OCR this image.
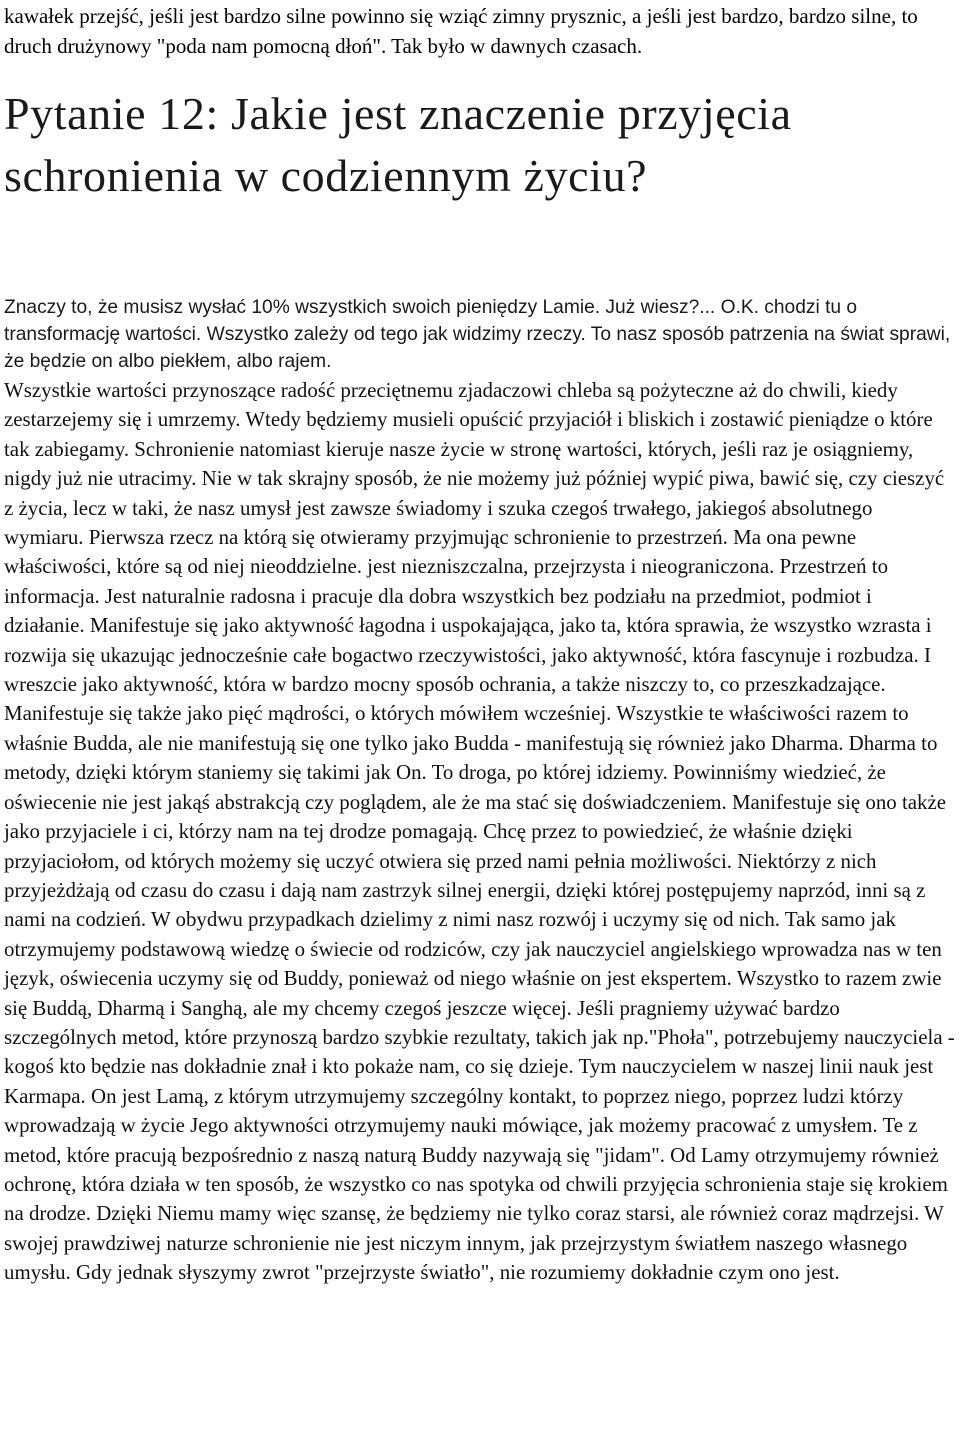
kawałek przejść, jeśli jest bardzo silne powinno się wziąć zimny prysznic, a jeśli jest bardzo, bardzo silne, to druch drużynowy "poda nam pomocną dłoń". Tak było w dawnych czasach.

Pytanie 12: Jakie jest znaczenie przyjęcia schronienia w codziennym życiu?
Znaczy to, że musisz wysłać 10% wszystkich swoich pieniędzy Lamie. Już wiesz?... O.K. chodzi tu o transformację wartości. Wszystko zależy od tego jak widzimy rzeczy. To nasz sposób patrzenia na świat sprawi, że będzie on albo piekłem, albo rajem.

Wszystkie wartości przynoszące radość przeciętnemu zjadaczowi chleba są pożyteczne aż do chwili, kiedy zestarzejemy się i umrzemy. Wtedy będziemy musieli opuścić przyjaciół i bliskich i zostawić pieniądze o które tak zabiegamy. Schronienie natomiast kieruje nasze życie w stronę wartości, których, jeśli raz je osiągniemy, nigdy już nie utracimy. Nie w tak skrajny sposób, że nie możemy już później wypić piwa, bawić się, czy cieszyć z życia, lecz w taki, że nasz umysł jest zawsze świadomy i szuka czegoś trwałego, jakiegoś absolutnego wymiaru. Pierwsza rzecz na którą się otwieramy przyjmując schronienie to przestrzeń. Ma ona pewne właściwości, które są od niej nieoddzielne. jest niezniszczalna, przejrzysta i nieograniczona. Przestrzeń to informacja. Jest naturalnie radosna i pracuje dla dobra wszystkich bez podziału na przedmiot, podmiot i działanie. Manifestuje się jako aktywność łagodna i uspokajająca, jako ta, która sprawia, że wszystko wzrasta i rozwija się ukazując jednocześnie całe bogactwo rzeczywistości, jako aktywność, która fascynuje i rozbudza. I wreszcie jako aktywność, która w bardzo mocny sposób ochrania, a także niszczy to, co przeszkadzające. Manifestuje się także jako pięć mądrości, o których mówiłem wcześniej. Wszystkie te właściwości razem to właśnie Budda, ale nie manifestują się one tylko jako Budda - manifestują się również jako Dharma. Dharma to metody, dzięki którym staniemy się takimi jak On. To droga, po której idziemy. Powinniśmy wiedzieć, że oświecenie nie jest jakąś abstrakcją czy poglądem, ale że ma stać się doświadczeniem. Manifestuje się ono także jako przyjaciele i ci, którzy nam na tej drodze pomagają. Chcę przez to powiedzieć, że właśnie dzięki przyjaciołom, od których możemy się uczyć otwiera się przed nami pełnia możliwości. Niektórzy z nich przyjeżdżają od czasu do czasu i dają nam zastrzyk silnej energii, dzięki której postępujemy naprzód, inni są z nami na codzień. W obydwu przypadkach dzielimy z nimi nasz rozwój i uczymy się od nich. Tak samo jak otrzymujemy podstawową wiedzę o świecie od rodziców, czy jak nauczyciel angielskiego wprowadza nas w ten język, oświecenia uczymy się od Buddy, ponieważ od niego właśnie on jest ekspertem. Wszystko to razem zwie się Buddą, Dharmą i Sanghą, ale my chcemy czegoś jeszcze więcej. Jeśli pragniemy używać bardzo szczególnych metod, które przynoszą bardzo szybkie rezultaty, takich jak np."Phoła", potrzebujemy nauczyciela - kogoś kto będzie nas dokładnie znał i kto pokaże nam, co się dzieje. Tym nauczycielem w naszej linii nauk jest Karmapa. On jest Lamą, z którym utrzymujemy szczególny kontakt, to poprzez niego, poprzez ludzi którzy wprowadzają w życie Jego aktywności otrzymujemy nauki mówiące, jak możemy pracować z umysłem. Te z metod, które pracują bezpośrednio z naszą naturą Buddy nazywają się "jidam". Od Lamy otrzymujemy również ochronę, która działa w ten sposób, że wszystko co nas spotyka od chwili przyjęcia schronienia staje się krokiem na drodze. Dzięki Niemu mamy więc szansę, że będziemy nie tylko coraz starsi, ale również coraz mądrzejsi. W swojej prawdziwej naturze schronienie nie jest niczym innym, jak przejrzystym światłem naszego własnego umysłu. Gdy jednak słyszymy zwrot "przejrzyste światło", nie rozumiemy dokładnie czym ono jest.
